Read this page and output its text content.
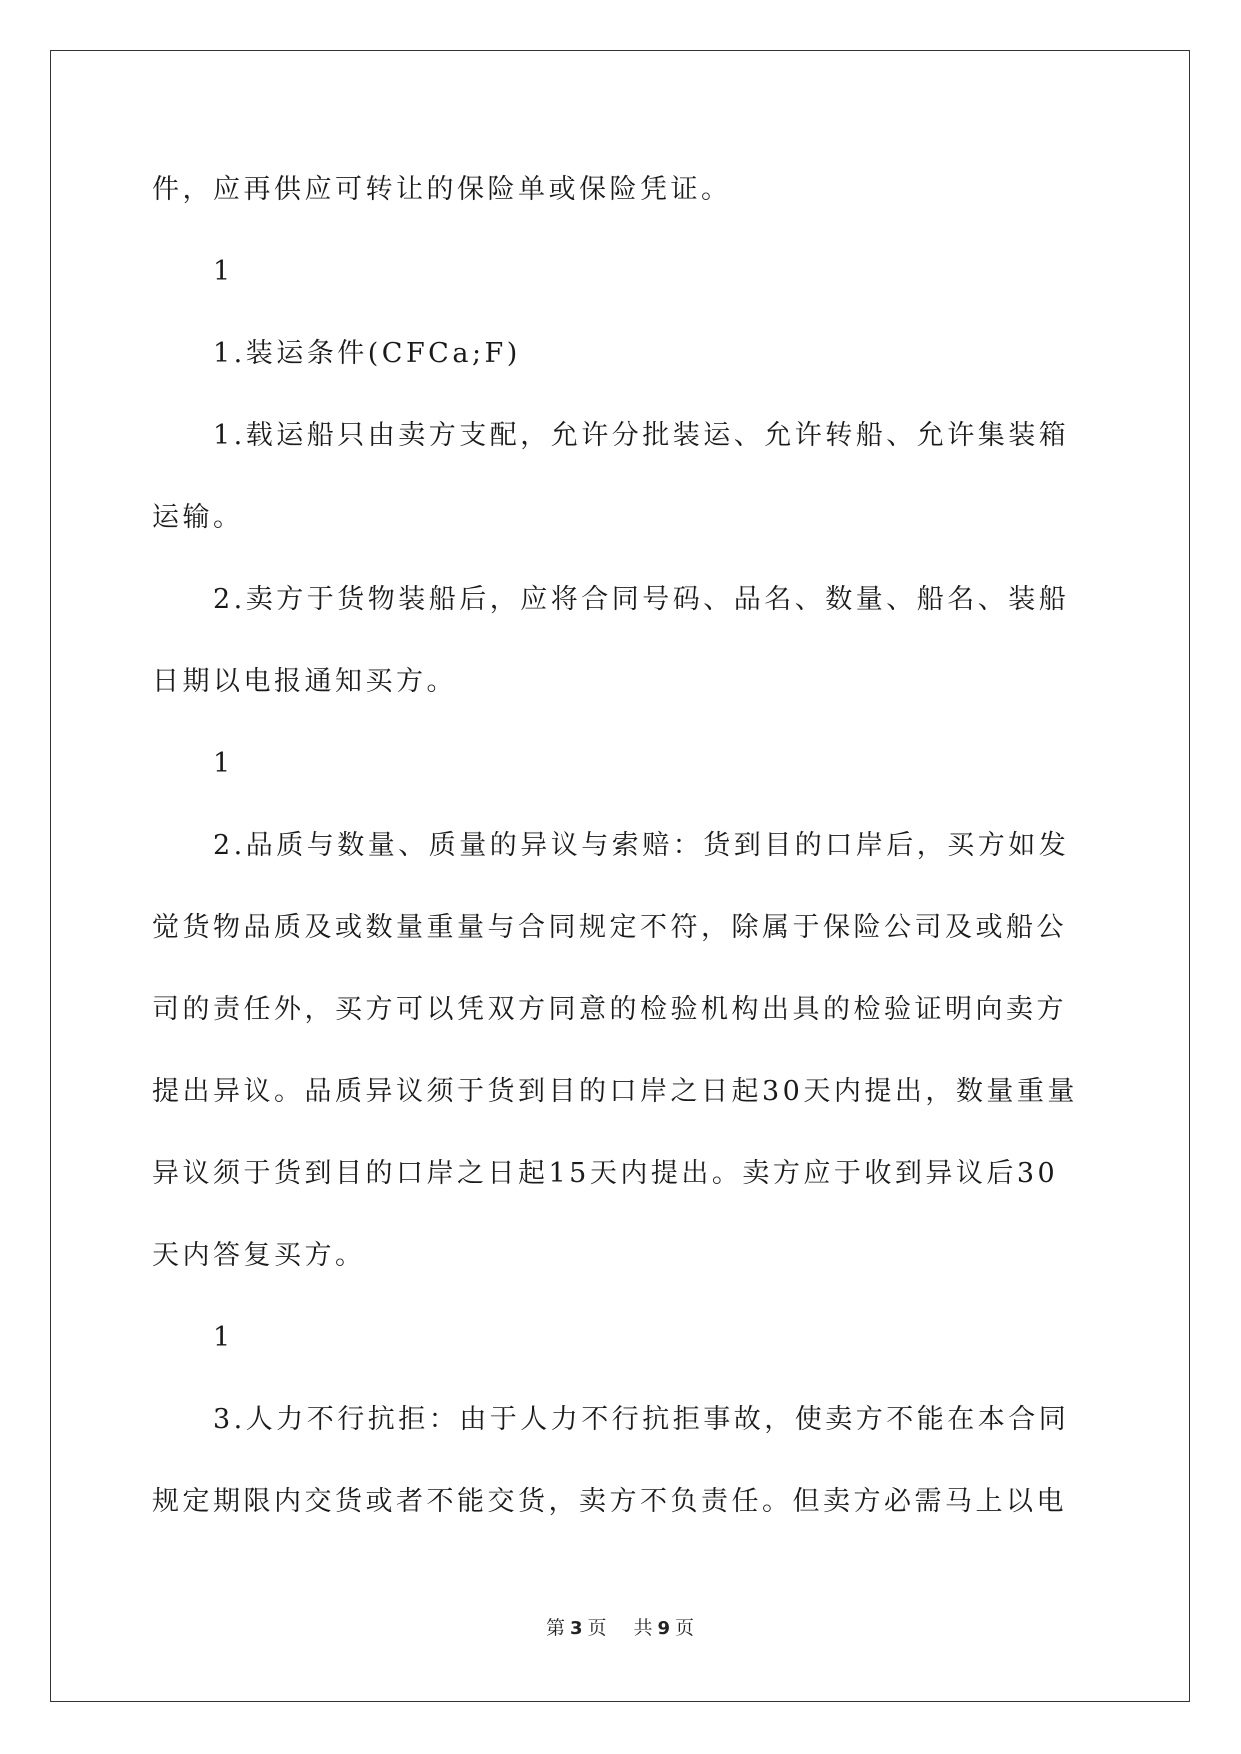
件，应再供应可转让的保险单或保险凭证。

1

1.装运条件(CFCa;F)

1.载运船只由卖方支配，允许分批装运、允许转船、允许集装箱

运输。

2.卖方于货物装船后，应将合同号码、品名、数量、船名、装船

日期以电报通知买方。

1

2.品质与数量、质量的异议与索赔：货到目的口岸后，买方如发

觉货物品质及或数量重量与合同规定不符，除属于保险公司及或船公

司的责任外，买方可以凭双方同意的检验机构出具的检验证明向卖方

提出异议。品质异议须于货到目的口岸之日起30天内提出，数量重量

异议须于货到目的口岸之日起15天内提出。卖方应于收到异议后30

天内答复买方。

1

3.人力不行抗拒：由于人力不行抗拒事故，使卖方不能在本合同

规定期限内交货或者不能交货，卖方不负责任。但卖方必需马上以电

第 3 页 共 9 页
